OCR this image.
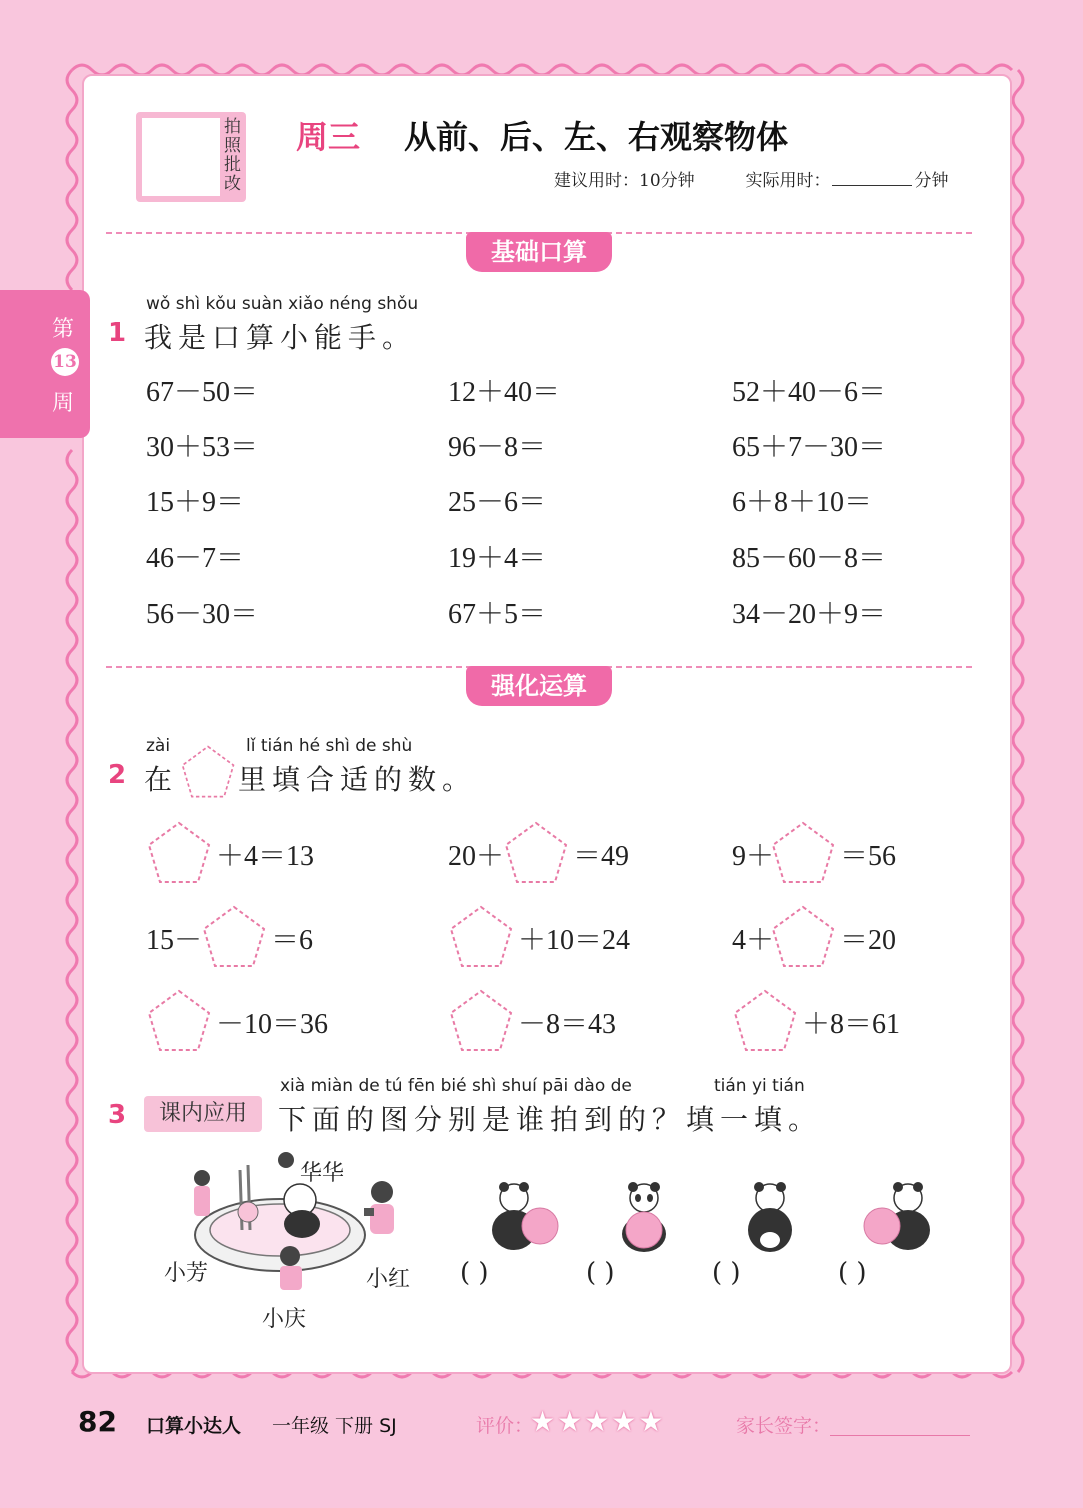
第
13
周
拍照批改
周三 从前、后、左、右观察物体
建议用时：10分钟	实际用时：	分钟
基础口算
wǒ shì kǒu suàn xiǎo néng shǒu
1 我是口算小能手。
67－50＝	12＋40＝	52＋40－6＝
30＋53＝	96－8＝	65＋7－30＝
15＋9＝	25－6＝	6＋8＋10＝
46－7＝	19＋4＝	85－60－8＝
56－30＝	67＋5＝	34－20＋9＝
强化运算
zài	lǐ tián hé shì de shù
2 在 里填合适的数。
＋4＝13	20＋ ＝49	9＋ ＝56
15－ ＝6	＋10＝24	4＋ ＝20
－10＝36	－8＝43	＋8＝61
xià miàn de tú fēn bié shì shuí pāi dào de	tián yi tián
3	课内应用	下面的图分别是谁拍到的？填一填。
华华
小芳	小红
小庆
( )	( )	( )	( )
82 口算小达人 一年级 下册 SJ	评价：
★★★★★	家长签字：
